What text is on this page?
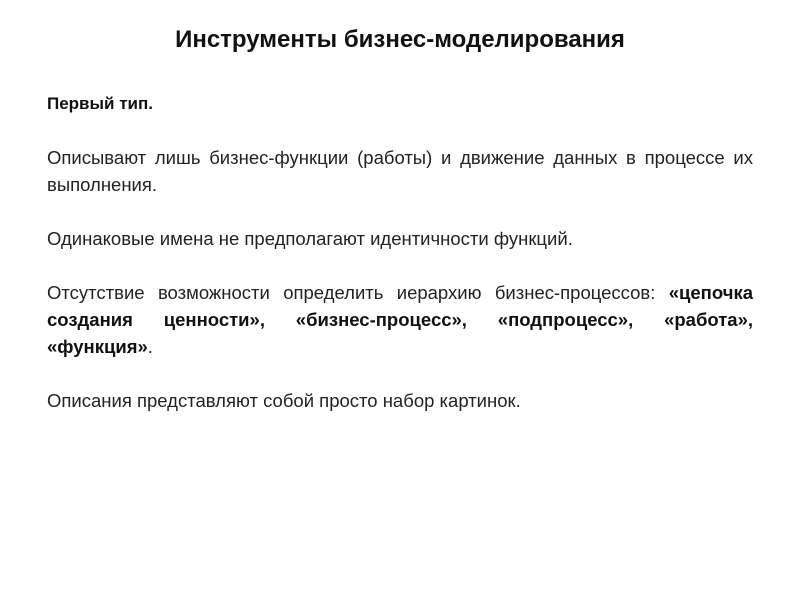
Инструменты бизнес-моделирования

Первый тип.

Описывают лишь бизнес-функции (работы) и движение данных в процессе их выполнения.

Одинаковые имена не предполагают идентичности функций.

Отсутствие возможности определить иерархию бизнес-процессов: «цепочка создания ценности», «бизнес-процесс», «подпроцесс», «работа», «функция».

Описания представляют собой просто набор картинок.
